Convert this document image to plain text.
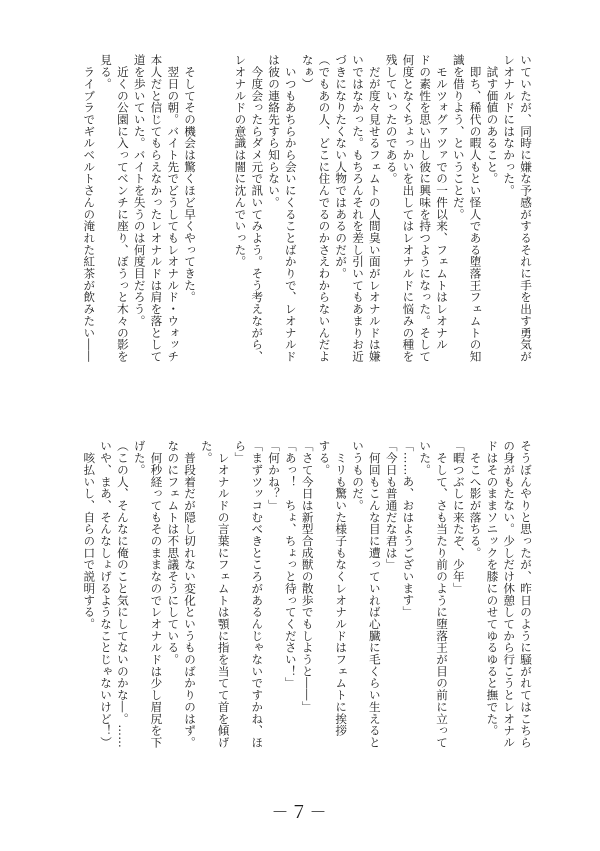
いていたが、同時に嫌な予感がするそれに手を出す勇気が

レオナルドにはなかった。

　試す価値のあること。

　即ち、稀代の暇人もとい怪人である堕落王フェムトの知

識を借りよう、ということだ。

　モルツォグァツァでの一件以来、フェムトはレオナル

ドの素性を思い出し彼に興味を持つようになった。そして

何度となくちょっかいを出してはレオナルドに悩みの種を

残していったのである。

　だが度々見せるフェムトの人間臭い面がレオナルドは嫌

いではなかった。もちろんそれを差し引いてもあまりお近

づきになりたくない人物ではあるのだが。

（でもあの人、どこに住んでるのかさえわからないんだよ

なぁ）

　いつもあちらから会いにくることばかりで、レオナルド

は彼の連絡先すら知らない。

　今度会ったらダメ元で訊いてみよう。そう考えながら、

レオナルドの意識は闇に沈んでいった。

　そしてその機会は驚くほど早くやってきた。

　翌日の朝。バイト先でどうしてもレオナルド・ウォッチ

本人だと信じてもらえなかったレオナルドは肩を落として

道を歩いていた。バイトを失うのは何度目だろう。

　近くの公園に入ってベンチに座り、ぼうっと木々の影を

見る。

　ライブラでギルベルトさんの淹れた紅茶が飲みたい――

そうぼんやりと思ったが、昨日のように騒がれてはこちら

の身がもたない。少しだけ休憩してから行こうとレオナル

ドはそのままソニックを膝にのせてゆるゆると撫でた。

　そこへ影が落ちる。

「暇つぶしに来たぞ、少年」

　そして、さも当たり前のように堕落王が目の前に立って

いた。

「……あ、おはようございます」

「今日も普通だな君は」

　何回もこんな目に遭っていれば心臓に毛くらい生えると

いうものだ。

　ミリも驚いた様子もなくレオナルドはフェムトに挨拶

する。

「さて今日は新型合成獣の散歩でもしようと――」

「あっ！　ちょ、ちょっと待ってください！」

「何かね？」

「まずツッコむべきところがあるんじゃないですかね、ほ

ら」

　レオナルドの言葉にフェムトは顎に指を当てて首を傾げ

た。

　普段着だが隠し切れない変化というものばかりのはず。

なのにフェムトは不思議そうにしている。

　何秒経ってもそのままなのでレオナルドは少し眉尻を下

げた。

（この人、そんなに俺のこと気にしてないのかな―。……

いや、まあ、そんなしょげるようなことじゃないけど！）

　咳払いし、自らの口で説明する。

－７－
